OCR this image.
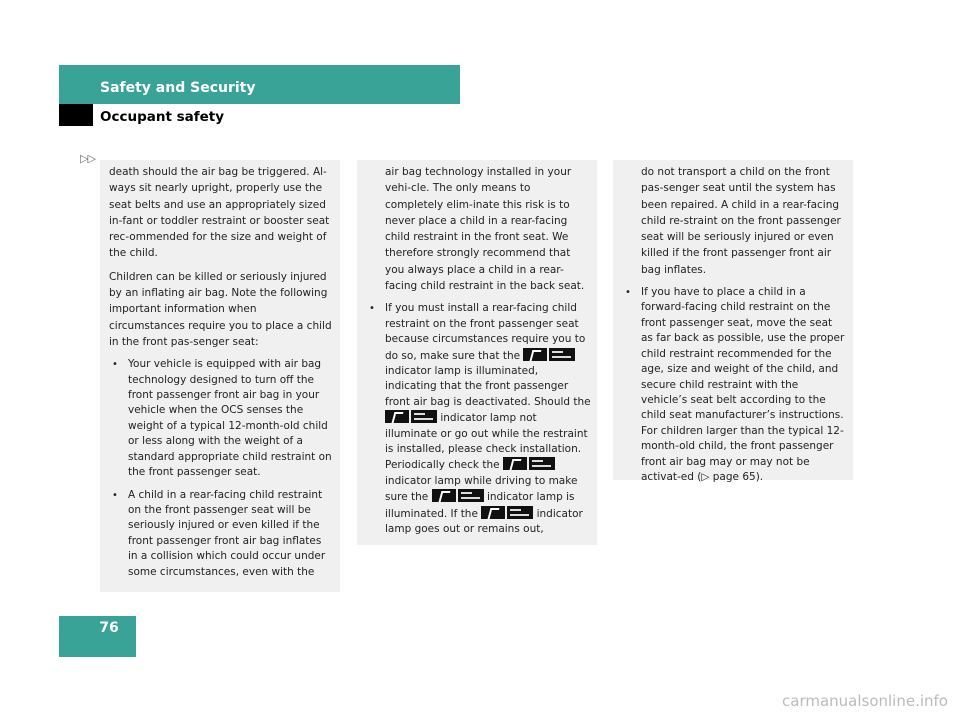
Safety and Security
Occupant safety
▷▷

death should the air bag be triggered. Al-ways sit nearly upright, properly use the seat belts and use an appropriately sized in-fant or toddler restraint or booster seat rec-ommended for the size and weight of the child.

Children can be killed or seriously injured by an inflating air bag. Note the following important information when circumstances require you to place a child in the front pas-senger seat:

• Your vehicle is equipped with air bag technology designed to turn off the front passenger front air bag in your vehicle when the OCS senses the weight of a typical 12-month-old child or less along with the weight of a standard appropriate child restraint on the front passenger seat.
• A child in a rear-facing child restraint on the front passenger seat will be seriously injured or even killed if the front passenger front air bag inflates in a collision which could occur under some circumstances, even with the

air bag technology installed in your vehi-cle. The only means to completely elim-inate this risk is to never place a child in a rear-facing child restraint in the front seat. We therefore strongly recommend that you always place a child in a rear-facing child restraint in the back seat.

• If you must install a rear-facing child restraint on the front passenger seat because circumstances require you to do so, make sure that the
indicator lamp is illuminated, indicating that the front passenger front air bag is deactivated. Should the
indicator lamp not illuminate or go out while the restraint is installed, please check installation. Periodically check the
indicator lamp while driving to make sure the	indicator lamp is illuminated. If the	indicator lamp goes out or remains out,

do not transport a child on the front pas-senger seat until the system has been repaired. A child in a rear-facing child re-straint on the front passenger seat will be seriously injured or even killed if the front passenger front air bag inflates.

• If you have to place a child in a forward-facing child restraint on the front passenger seat, move the seat as far back as possible, use the proper child restraint recommended for the age, size and weight of the child, and secure child restraint with the vehicle’s seat belt according to the child seat manufacturer’s instructions. For children larger than the typical 12-month-old child, the front passenger front air bag may or may not be activat-ed (▷ page 65).
76
carmanualsonline.info
